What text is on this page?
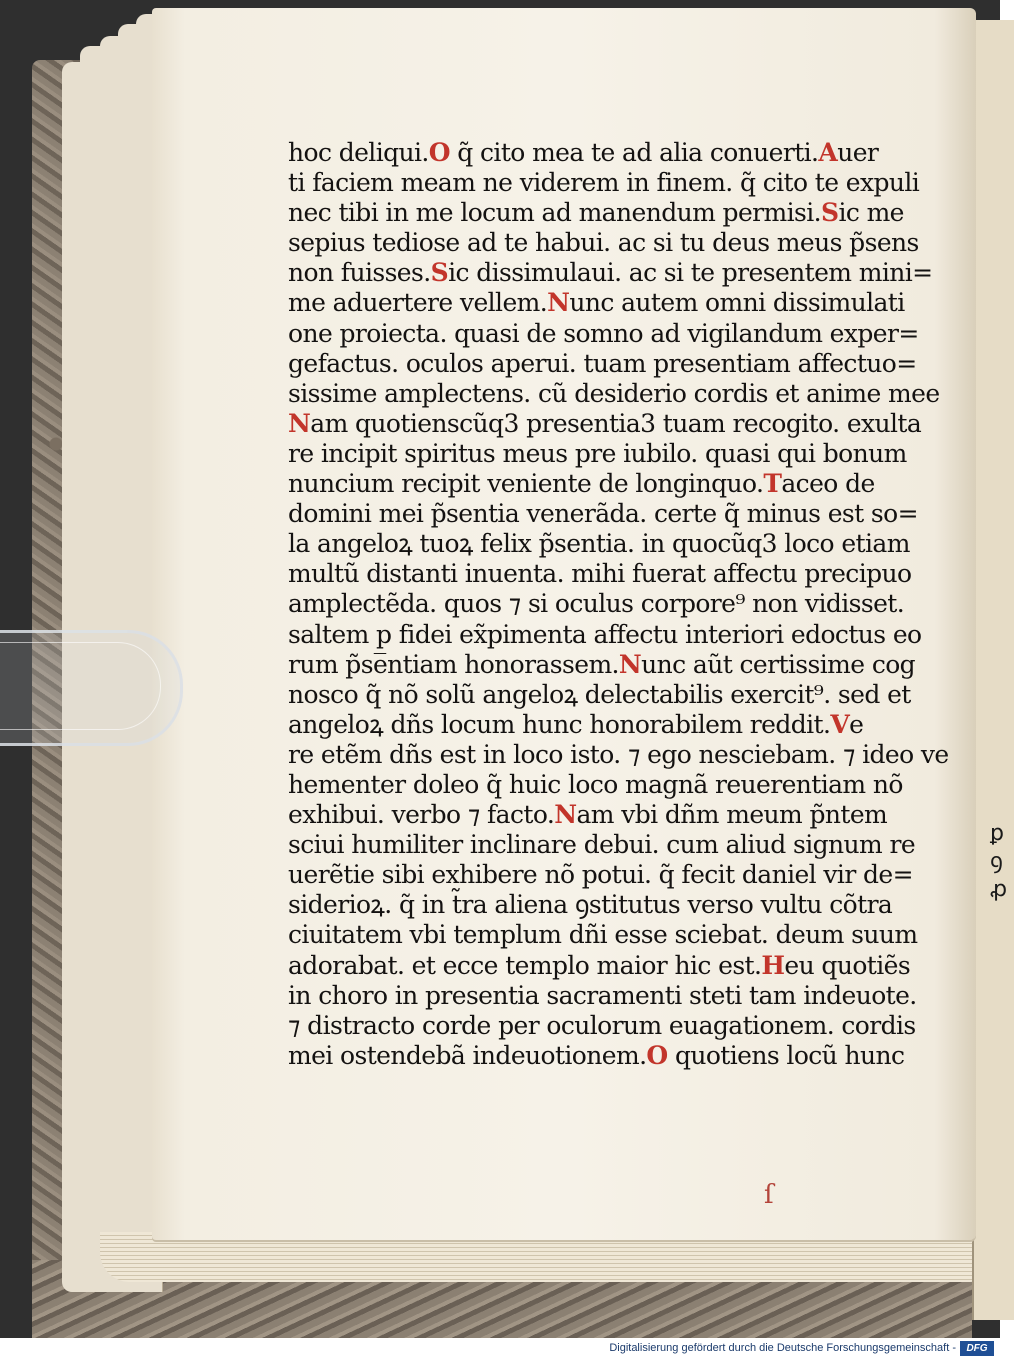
ꝑ
ꝯ
ꝓ
hoc deliqui.O q̃ cito mea te ad alia conuerti.Auer
ti faciem meam ne viderem in finem. q̃ cito te expuli
nec tibi in me locum ad manendum permisi.Sic me
sepius tediose ad te habui. ac si tu deus meus p̃sens
non fuisses.Sic dissimulaui. ac si te presentem mini=
me aduertere vellem.Nunc autem omni dissimulati
one proiecta. quasi de somno ad vigilandum exper=
gefactus. oculos aperui. tuam presentiam affectuo=
sissime amplectens. cũ desiderio cordis et anime mee
Nam quotienscũq3 presentia3 tuam recogito. exulta
re incipit spiritus meus pre iubilo. quasi qui bonum
nuncium recipit veniente de longinquo.Taceo de
domini mei p̃sentia venerãda. certe q̃ minus est so=
la angeloꝝ tuoꝝ felix p̃sentia. in quocũq3 loco etiam
multũ distanti inuenta. mihi fuerat affectu precipuo
amplectẽda. quos ⁊ si oculus corpore⁹ non vidisset.
saltem p̲ fidei ex̃pimenta affectu interiori edoctus eo
rum p̃sentiam honorassem.Nunc aũt certissime cog
nosco q̃ nõ solũ angeloꝝ delectabilis exercit⁹. sed et
angeloꝝ dñs locum hunc honorabilem reddit.Ve
re etẽm dñs est in loco isto. ⁊ ego nesciebam. ⁊ ideo ve
hementer doleo q̃ huic loco magnã reuerentiam nõ
exhibui. verbo ⁊ facto.Nam vbi dñm meum p̃ntem
sciui humiliter inclinare debui. cum aliud signum re
uerẽtie sibi exhibere nõ potui. q̃ fecit daniel vir de=
siderioꝝ. q̃ in t̃ra aliena ꝯstitutus verso vultu cõtra
ciuitatem vbi templum dñi esse sciebat. deum suum
adorabat. et ecce templo maior hic est.Heu quotiẽs
in choro in presentia sacramenti steti tam indeuote.
⁊ distracto corde per oculorum euagationem. cordis
mei ostendebã indeuotionem.O quotiens locũ hunc
ſ
Digitalisierung gefördert durch die Deutsche Forschungsgemeinschaft -	DFG
